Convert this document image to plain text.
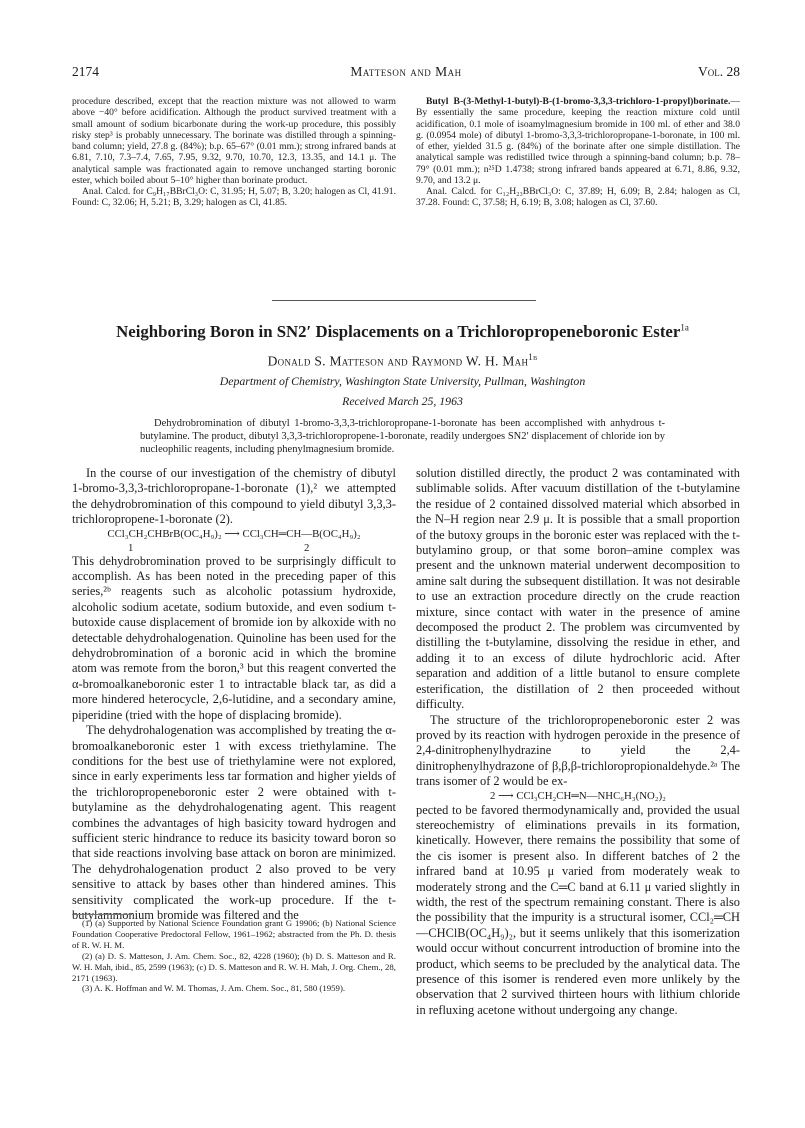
2174	Matteson and Mah	Vol. 28

procedure described, except that the reaction mixture was not allowed to warm above −40° before acidification. Although the product survived treatment with a small amount of sodium bicarbonate during the work-up procedure, this possibly risky step³ is probably unnecessary. The borinate was distilled through a spinning-band column; yield, 27.8 g. (84%); b.p. 65–67° (0.01 mm.); strong infrared bands at 6.81, 7.10, 7.3–7.4, 7.65, 7.95, 9.32, 9.70, 10.70, 12.3, 13.35, and 14.1 μ. The analytical sample was fractionated again to remove unchanged starting boronic ester, which boiled about 5–10° higher than borinate product.

Anal. Calcd. for C₉H₁₇BBrCl₃O: C, 31.95; H, 5.07; B, 3.20; halogen as Cl, 41.91. Found: C, 32.06; H, 5.21; B, 3.29; halogen as Cl, 41.85.

Butyl B-(3-Methyl-1-butyl)-B-(1-bromo-3,3,3-trichloro-1-propyl)borinate.—By essentially the same procedure, keeping the reaction mixture cold until acidification, 0.1 mole of isoamylmagnesium bromide in 100 ml. of ether and 38.0 g. (0.0954 mole) of dibutyl 1-bromo-3,3,3-trichloropropane-1-boronate, in 100 ml. of ether, yielded 31.5 g. (84%) of the borinate after one simple distillation. The analytical sample was redistilled twice through a spinning-band column; b.p. 78–79° (0.01 mm.); n²⁵D 1.4738; strong infrared bands appeared at 6.71, 8.86, 9.32, 9.70, and 13.2 μ.

Anal. Calcd. for C₁₂H₂₃BBrCl₃O: C, 37.89; H, 6.09; B, 2.84; halogen as Cl, 37.28. Found: C, 37.58; H, 6.19; B, 3.08; halogen as Cl, 37.60.

Neighboring Boron in SN2′ Displacements on a Trichloropropeneboronic Ester$^{1a}$
Donald S. Matteson and Raymond W. H. Mah$^{1b}$
Department of Chemistry, Washington State University, Pullman, Washington
Received March 25, 1963
Dehydrobromination of dibutyl 1-bromo-3,3,3-trichloropropane-1-boronate has been accomplished with anhydrous t-butylamine. The product, dibutyl 3,3,3-trichloropropene-1-boronate, readily undergoes SN2′ displacement of chloride ion by nucleophilic reagents, including phenylmagnesium bromide.

In the course of our investigation of the chemistry of dibutyl 1-bromo-3,3,3-trichloropropane-1-boronate (1),² we attempted the dehydrobromination of this compound to yield dibutyl 3,3,3-trichloropropene-1-boronate (2).

CCl₃CH₂CHBrB(OC₄H₉)₂ ⟶ CCl₃CH═CH—B(OC₄H₉)₂

1	2

This dehydrobromination proved to be surprisingly difficult to accomplish. As has been noted in the preceding paper of this series,²ᵇ reagents such as alcoholic potassium hydroxide, alcoholic sodium acetate, sodium butoxide, and even sodium t-butoxide cause displacement of bromide ion by alkoxide with no detectable dehydrohalogenation. Quinoline has been used for the dehydrobromination of a boronic acid in which the bromine atom was remote from the boron,³ but this reagent converted the α-bromoalkaneboronic ester 1 to intractable black tar, as did a more hindered heterocycle, 2,6-lutidine, and a secondary amine, piperidine (tried with the hope of displacing bromide).

The dehydrohalogenation was accomplished by treating the α-bromoalkaneboronic ester 1 with excess triethylamine. The conditions for the best use of triethylamine were not explored, since in early experiments less tar formation and higher yields of the trichloropropeneboronic ester 2 were obtained with t-butylamine as the dehydrohalogenating agent. This reagent combines the advantages of high basicity toward hydrogen and sufficient steric hindrance to reduce its basicity toward boron so that side reactions involving base attack on boron are minimized. The dehydrohalogenation product 2 also proved to be very sensitive to attack by bases other than hindered amines. This sensitivity complicated the work-up procedure. If the t-butylammonium bromide was filtered and the

(1) (a) Supported by National Science Foundation grant G 19906; (b) National Science Foundation Cooperative Predoctoral Fellow, 1961–1962; abstracted from the Ph. D. thesis of R. W. H. M.

(2) (a) D. S. Matteson, J. Am. Chem. Soc., 82, 4228 (1960); (b) D. S. Matteson and R. W. H. Mah, ibid., 85, 2599 (1963); (c) D. S. Matteson and R. W. H. Mah, J. Org. Chem., 28, 2171 (1963).

(3) A. K. Hoffman and W. M. Thomas, J. Am. Chem. Soc., 81, 580 (1959).

solution distilled directly, the product 2 was contaminated with sublimable solids. After vacuum distillation of the t-butylamine the residue of 2 contained dissolved material which absorbed in the N–H region near 2.9 μ. It is possible that a small proportion of the butoxy groups in the boronic ester was replaced with the t-butylamino group, or that some boron–amine complex was present and the unknown material underwent decomposition to amine salt during the subsequent distillation. It was not desirable to use an extraction procedure directly on the crude reaction mixture, since contact with water in the presence of amine decomposed the product 2. The problem was circumvented by distilling the t-butylamine, dissolving the residue in ether, and adding it to an excess of dilute hydrochloric acid. After separation and addition of a little butanol to ensure complete esterification, the distillation of 2 then proceeded without difficulty.

The structure of the trichloropropeneboronic ester 2 was proved by its reaction with hydrogen peroxide in the presence of 2,4-dinitrophenylhydrazine to yield the 2,4-dinitrophenylhydrazone of β,β,β-trichloropropionaldehyde.²ᵃ The trans isomer of 2 would be ex-

2 ⟶ CCl₃CH₂CH═N—NHC₆H₃(NO₂)₂

pected to be favored thermodynamically and, provided the usual stereochemistry of eliminations prevails in its formation, kinetically. However, there remains the possibility that some of the cis isomer is present also. In different batches of 2 the infrared band at 10.95 μ varied from moderately weak to moderately strong and the C═C band at 6.11 μ varied slightly in width, the rest of the spectrum remaining constant. There is also the possibility that the impurity is a structural isomer, CCl₂═CH—CHClB(OC₄H₉)₂, but it seems unlikely that this isomerization would occur without concurrent introduction of bromine into the product, which seems to be precluded by the analytical data. The presence of this isomer is rendered even more unlikely by the observation that 2 survived thirteen hours with lithium chloride in refluxing acetone without undergoing any change.
